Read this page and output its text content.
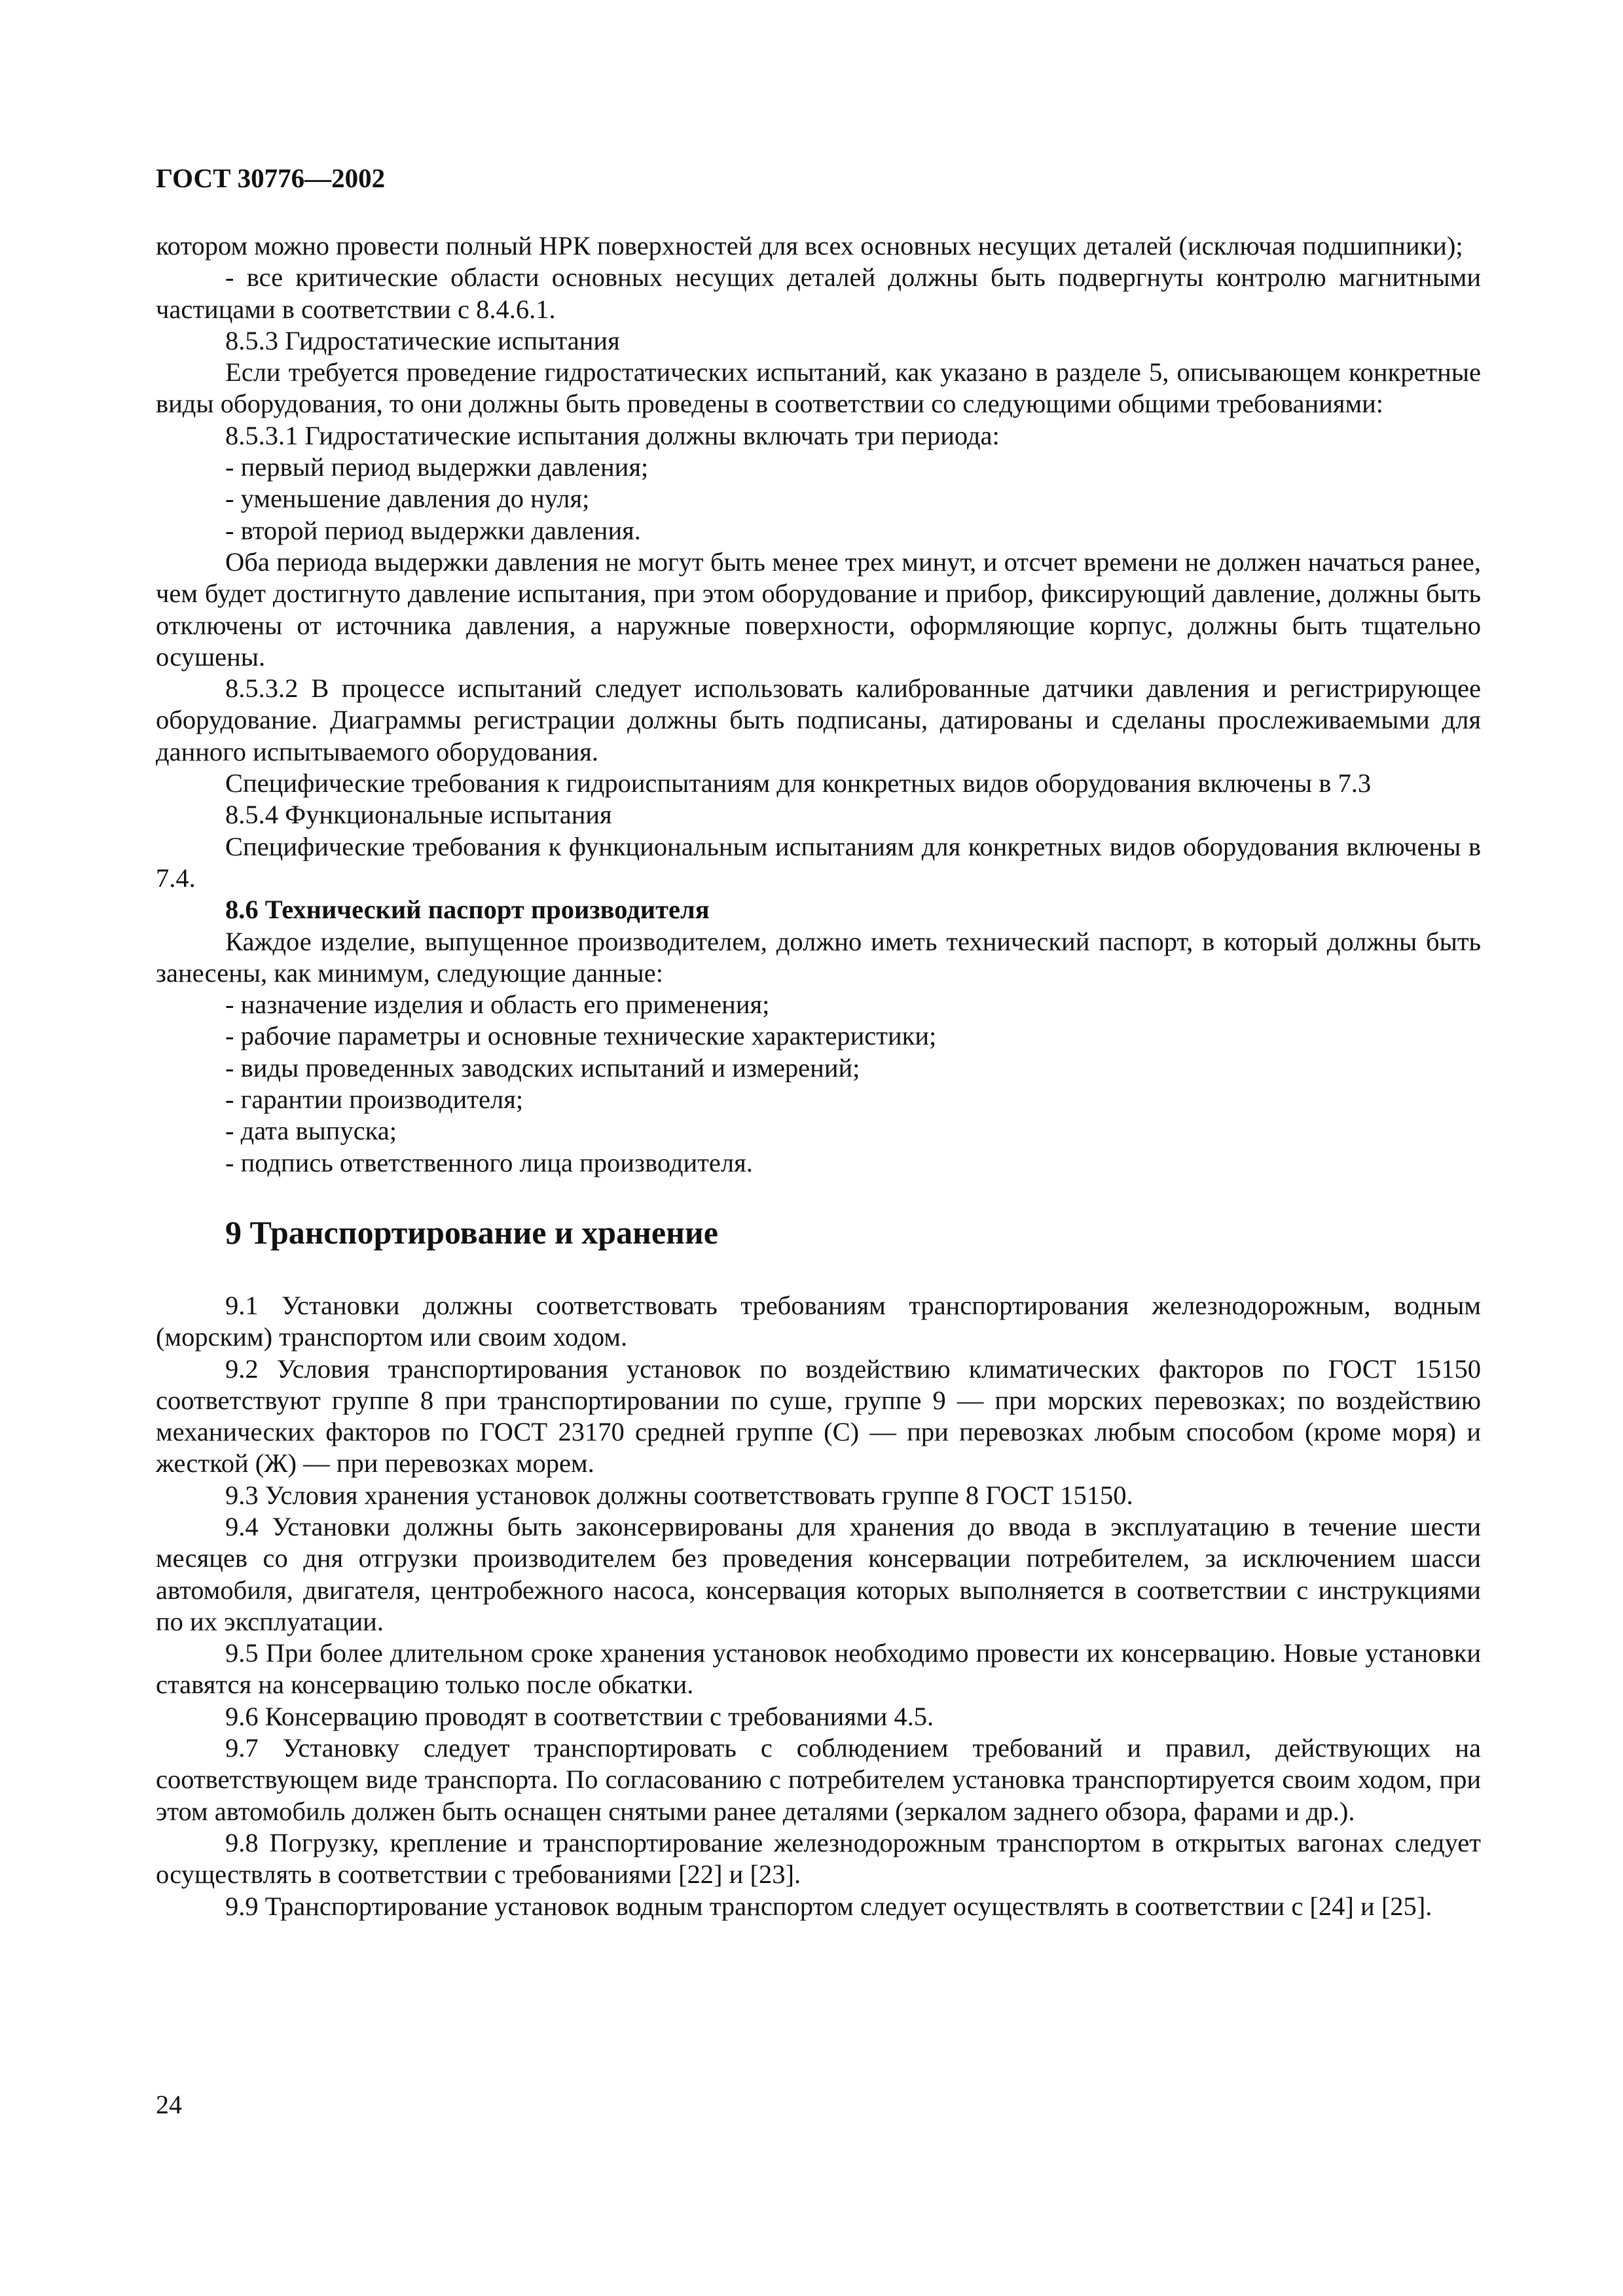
ГОСТ 30776—2002

котором можно провести полный НРК поверхностей для всех основных несущих деталей (исключая подшипники);

- все критические области основных несущих деталей должны быть подвергнуты контролю магнитными частицами в соответствии с 8.4.6.1.

8.5.3 Гидростатические испытания

Если требуется проведение гидростатических испытаний, как указано в разделе 5, описывающем конкретные виды оборудования, то они должны быть проведены в соответствии со следующими общими требованиями:

8.5.3.1 Гидростатические испытания должны включать три периода:

- первый период выдержки давления;

- уменьшение давления до нуля;

- второй период выдержки давления.

Оба периода выдержки давления не могут быть менее трех минут, и отсчет времени не должен начаться ранее, чем будет достигнуто давление испытания, при этом оборудование и прибор, фиксирующий давление, должны быть отключены от источника давления, а наружные поверхности, оформляющие корпус, должны быть тщательно осушены.

8.5.3.2 В процессе испытаний следует использовать калиброванные датчики давления и регистрирующее оборудование. Диаграммы регистрации должны быть подписаны, датированы и сделаны прослеживаемыми для данного испытываемого оборудования.

Специфические требования к гидроиспытаниям для конкретных видов оборудования включены в 7.3

8.5.4 Функциональные испытания

Специфические требования к функциональным испытаниям для конкретных видов оборудования включены в 7.4.

8.6 Технический паспорт производителя

Каждое изделие, выпущенное производителем, должно иметь технический паспорт, в который должны быть занесены, как минимум, следующие данные:

- назначение изделия и область его применения;

- рабочие параметры и основные технические характеристики;

- виды проведенных заводских испытаний и измерений;

- гарантии производителя;

- дата выпуска;

- подпись ответственного лица производителя.

9 Транспортирование и хранение

9.1 Установки должны соответствовать требованиям транспортирования железнодорожным, водным (морским) транспортом или своим ходом.

9.2 Условия транспортирования установок по воздействию климатических факторов по ГОСТ 15150 соответствуют группе 8 при транспортировании по суше, группе 9 — при морских перевозках; по воздействию механических факторов по ГОСТ 23170 средней группе (С) — при перевозках любым способом (кроме моря) и жесткой (Ж) — при перевозках морем.

9.3 Условия хранения установок должны соответствовать группе 8 ГОСТ 15150.

9.4 Установки должны быть законсервированы для хранения до ввода в эксплуатацию в течение шести месяцев со дня отгрузки производителем без проведения консервации потребителем, за исключением шасси автомобиля, двигателя, центробежного насоса, консервация которых выполняется в соответствии с инструкциями по их эксплуатации.

9.5 При более длительном сроке хранения установок необходимо провести их консервацию. Новые установки ставятся на консервацию только после обкатки.

9.6 Консервацию проводят в соответствии с требованиями 4.5.

9.7 Установку следует транспортировать с соблюдением требований и правил, действующих на соответствующем виде транспорта. По согласованию с потребителем установка транспортируется своим ходом, при этом автомобиль должен быть оснащен снятыми ранее деталями (зеркалом заднего обзора, фарами и др.).

9.8 Погрузку, крепление и транспортирование железнодорожным транспортом в открытых вагонах следует осуществлять в соответствии с требованиями [22] и [23].

9.9 Транспортирование установок водным транспортом следует осуществлять в соответствии с [24] и [25].

24
